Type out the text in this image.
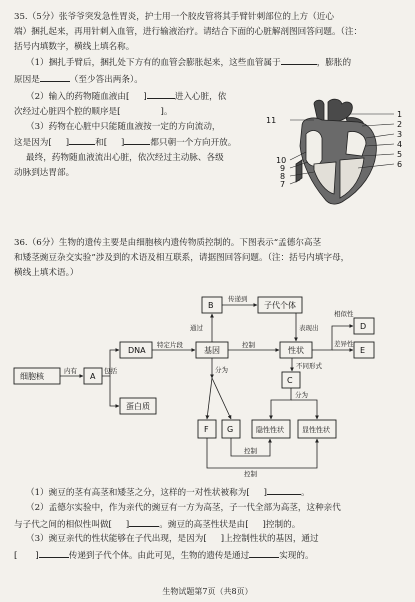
35.（5分）张爷爷突发急性胃炎，护士用一个胶皮管将其手臂针刺部位的上方（近心

端）捆扎起来，再用针刺入血管，进行输液治疗。请结合下面的心脏解剖图回答问题。（注：

括号内填数字，横线上填名称。

（1）捆扎手臂后，捆扎处下方有的血管会膨胀起来，这些血管属于	，膨胀的

原因是	（至少答出两条）。

（2）输入的药物随血液由[ ]	进入心脏，依

次经过心脏四个腔的顺序是[	]。

（3）药物在心脏中只能随血液按一定的方向流动，

这是因为[ ]	和[ ]	都只朝一个方向开放。

最终，药物随血液流出心脏，依次经过主动脉、各级

动脉到达胃部。

11
10
9
8
7
1
2
3
4
5
6

36.（6分）生物的遗传主要是由细胞核内遗传物质控制的。下图表示“孟德尔高茎

和矮茎豌豆杂交实验”涉及到的术语及相互联系，请据图回答问题。（注：括号内填字母，

横线上填术语。）

细胞核
内有
A
包括
DNA
特定片段
基因
控制
性状
蛋白质
通过
B
传递到
子代个体
表现出
相似性
D
差异性
E
不同形式
C
分为
分为
F G	隐性性状	显性性状
控制
控制

（1）豌豆的茎有高茎和矮茎之分，这样的一对性状被称为[ ]	。

（2）孟德尔实验中，作为亲代的豌豆有一方为高茎，子一代全部为高茎，这种亲代

与子代之间的相似性叫做[ ]	。豌豆的高茎性状是由[ ]控制的。

（3）豌豆亲代的性状能够在子代出现，是因为[ ]上控制性状的基因，通过

[ ]	传递到子代个体。由此可见，生物的遗传是通过	实现的。

生物试题第7页（共8页）
